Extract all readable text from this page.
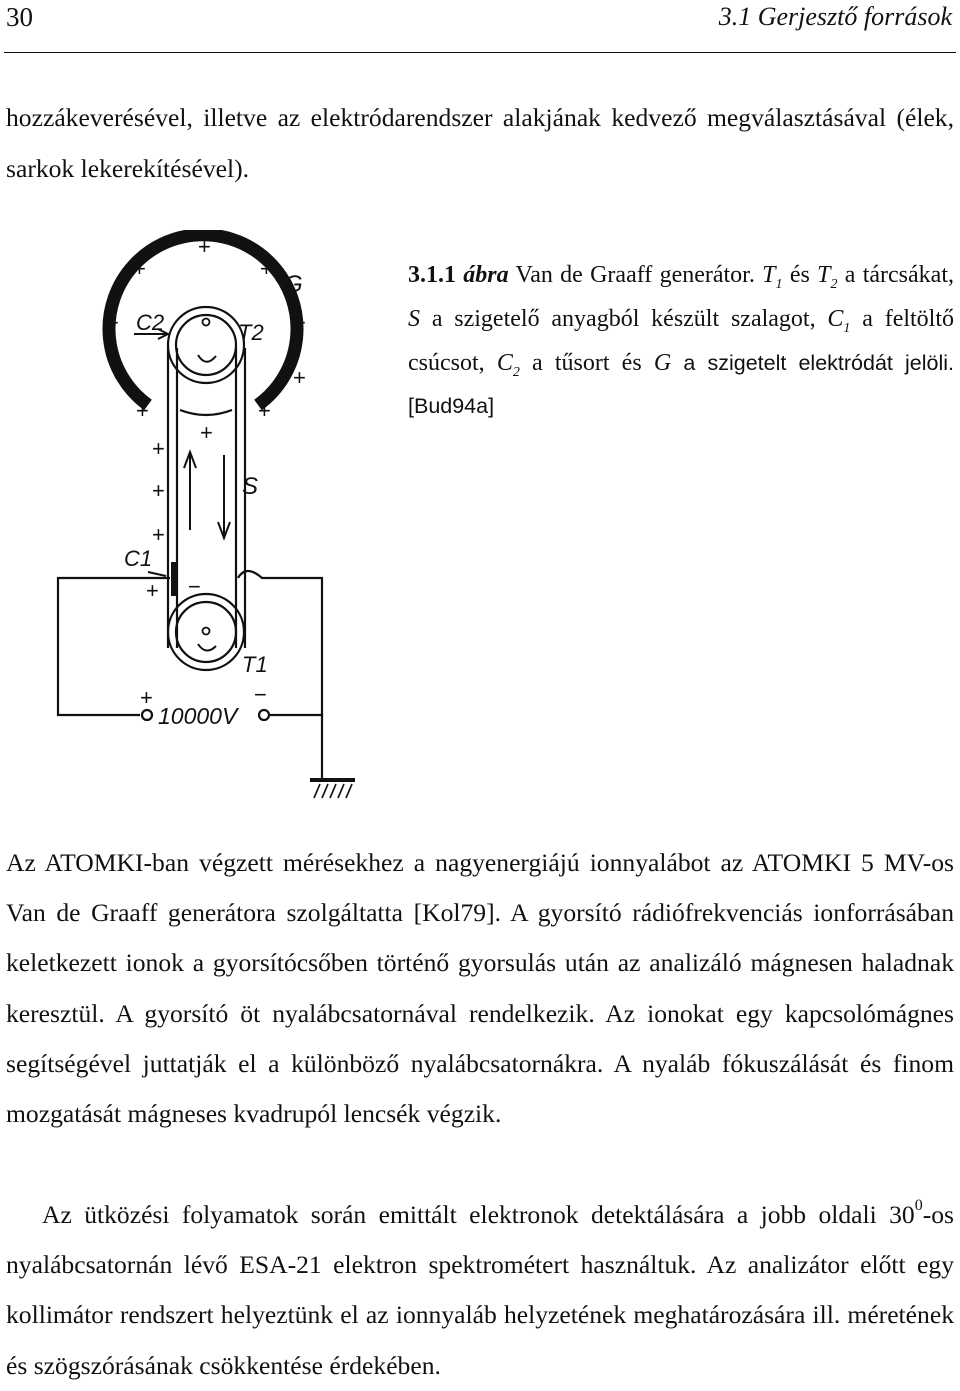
30	3.1 Gerjesztő források
hozzákeverésével, illetve az elektródarendszer alakjának kedvező megválasztásával (élek, sarkok lekerekítésével).
+
+	+
+	+
+	+
+	+
+
+
+
+
+
+
−
−
G
C2	T2
S
C1
T1
10000V
3.1.1 ábra Van de Graaff generátor. $T_1$ és $T_2$ a tárcsákat, S a szigetelő anyagból készült szalagot, $C_1$ a feltöltő csúcsot, $C_2$ a tűsort és G a szigetelt elektródát jelöli. [Bud94a]
Az ATOMKI-ban végzett mérésekhez a nagyenergiájú ionnyalábot az ATOMKI 5 MV-os Van de Graaff generátora szolgáltatta [Kol79]. A gyorsító rádiófrekvenciás ionforrásában keletkezett ionok a gyorsítócsőben történő gyorsulás után az analizáló mágnesen haladnak keresztül. A gyorsító öt nyalábcsatornával rendelkezik. Az ionokat egy kapcsolómágnes segítségével juttatják el a különböző nyalábcsatornákra. A nyaláb fókuszálását és finom mozgatását mágneses kvadrupól lencsék végzik.
Az ütközési folyamatok során emittált elektronok detektálására a jobb oldali $30^0-os$ nyalábcsatornán lévő ESA-21 elektron spektrométert használtuk. Az analizátor előtt egy kollimátor rendszert helyeztünk el az ionnyaláb helyzetének meghatározására ill. méretének és szögszórásának csökkentése érdekében.
